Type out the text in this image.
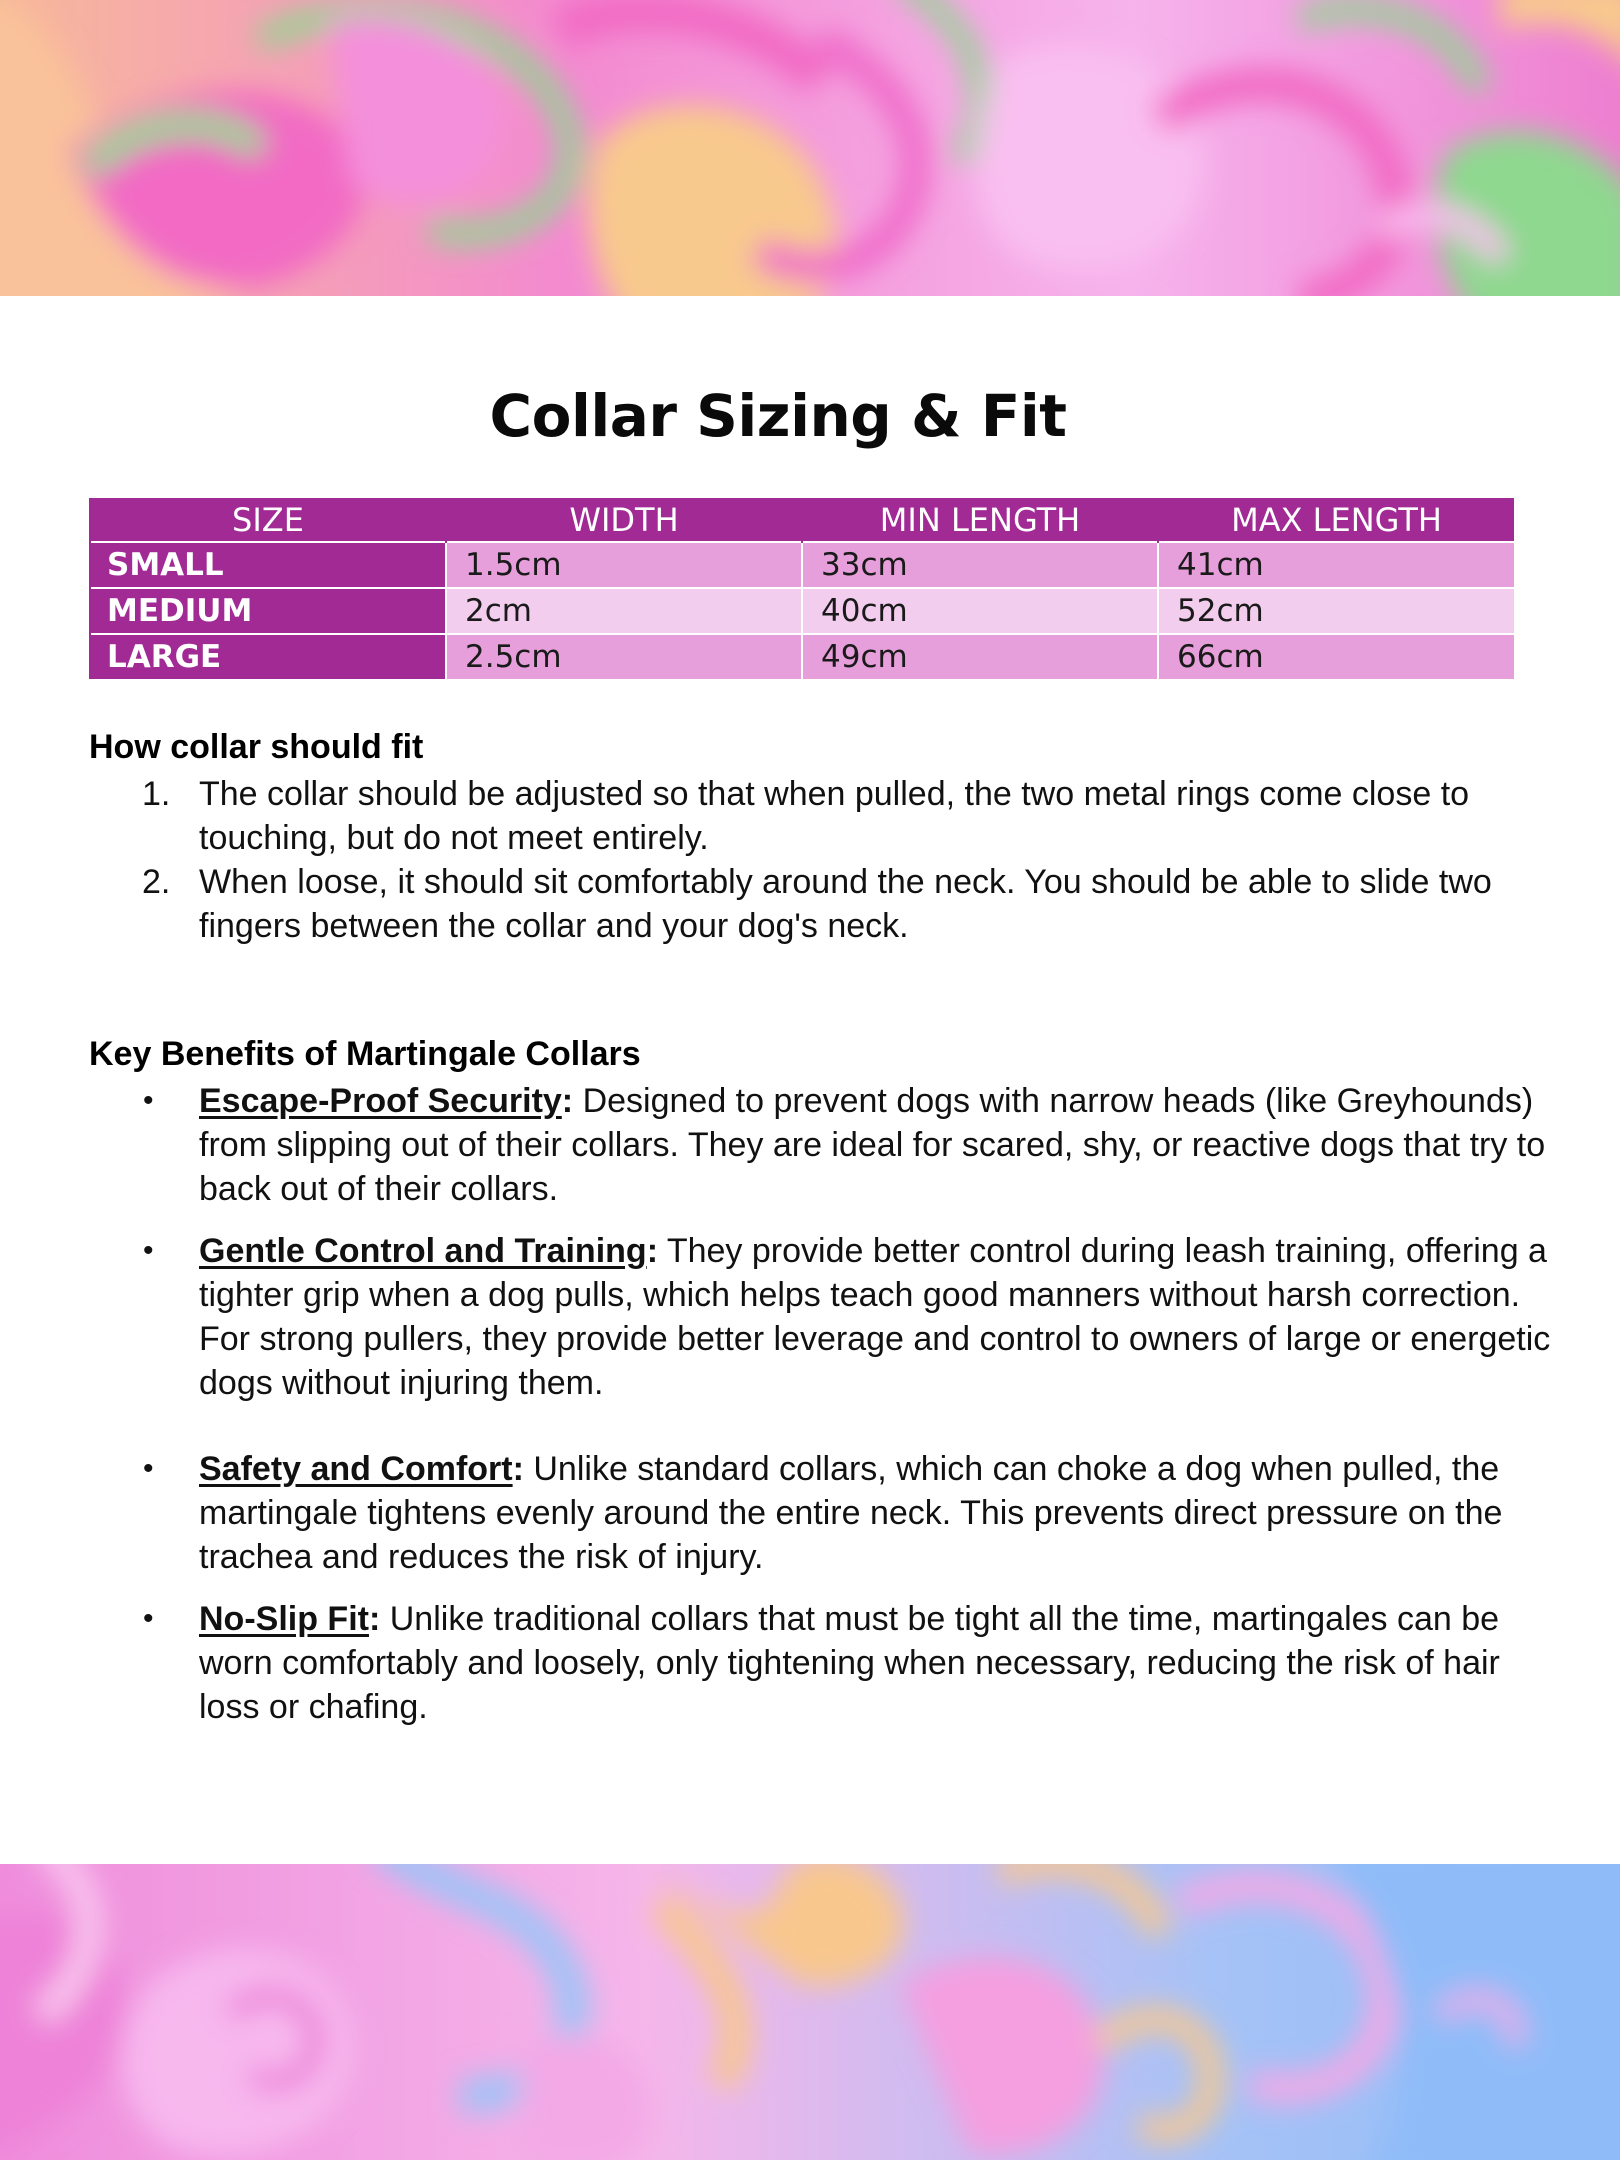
Collar Sizing & Fit
SIZE	WIDTH	MIN LENGTH	MAX LENGTH
SMALL	1.5cm	33cm	41cm
MEDIUM	2cm	40cm	52cm
LARGE	2.5cm	49cm	66cm
How collar should fit
1. The collar should be adjusted so that when pulled, the two metal rings come close to touching, but do not meet entirely.
2. When loose, it should sit comfortably around the neck. You should be able to slide two fingers between the collar and your dog's neck.
Key Benefits of Martingale Collars
• Escape-Proof Security: Designed to prevent dogs with narrow heads (like Greyhounds) from slipping out of their collars. They are ideal for scared, shy, or reactive dogs that try to back out of their collars.
• Gentle Control and Training: They provide better control during leash training, offering a tighter grip when a dog pulls, which helps teach good manners without harsh correction. For strong pullers, they provide better leverage and control to owners of large or energetic dogs without injuring them.
• Safety and Comfort: Unlike standard collars, which can choke a dog when pulled, the martingale tightens evenly around the entire neck. This prevents direct pressure on the trachea and reduces the risk of injury.
• No-Slip Fit: Unlike traditional collars that must be tight all the time, martingales can be worn comfortably and loosely, only tightening when necessary, reducing the risk of hair loss or chafing.
